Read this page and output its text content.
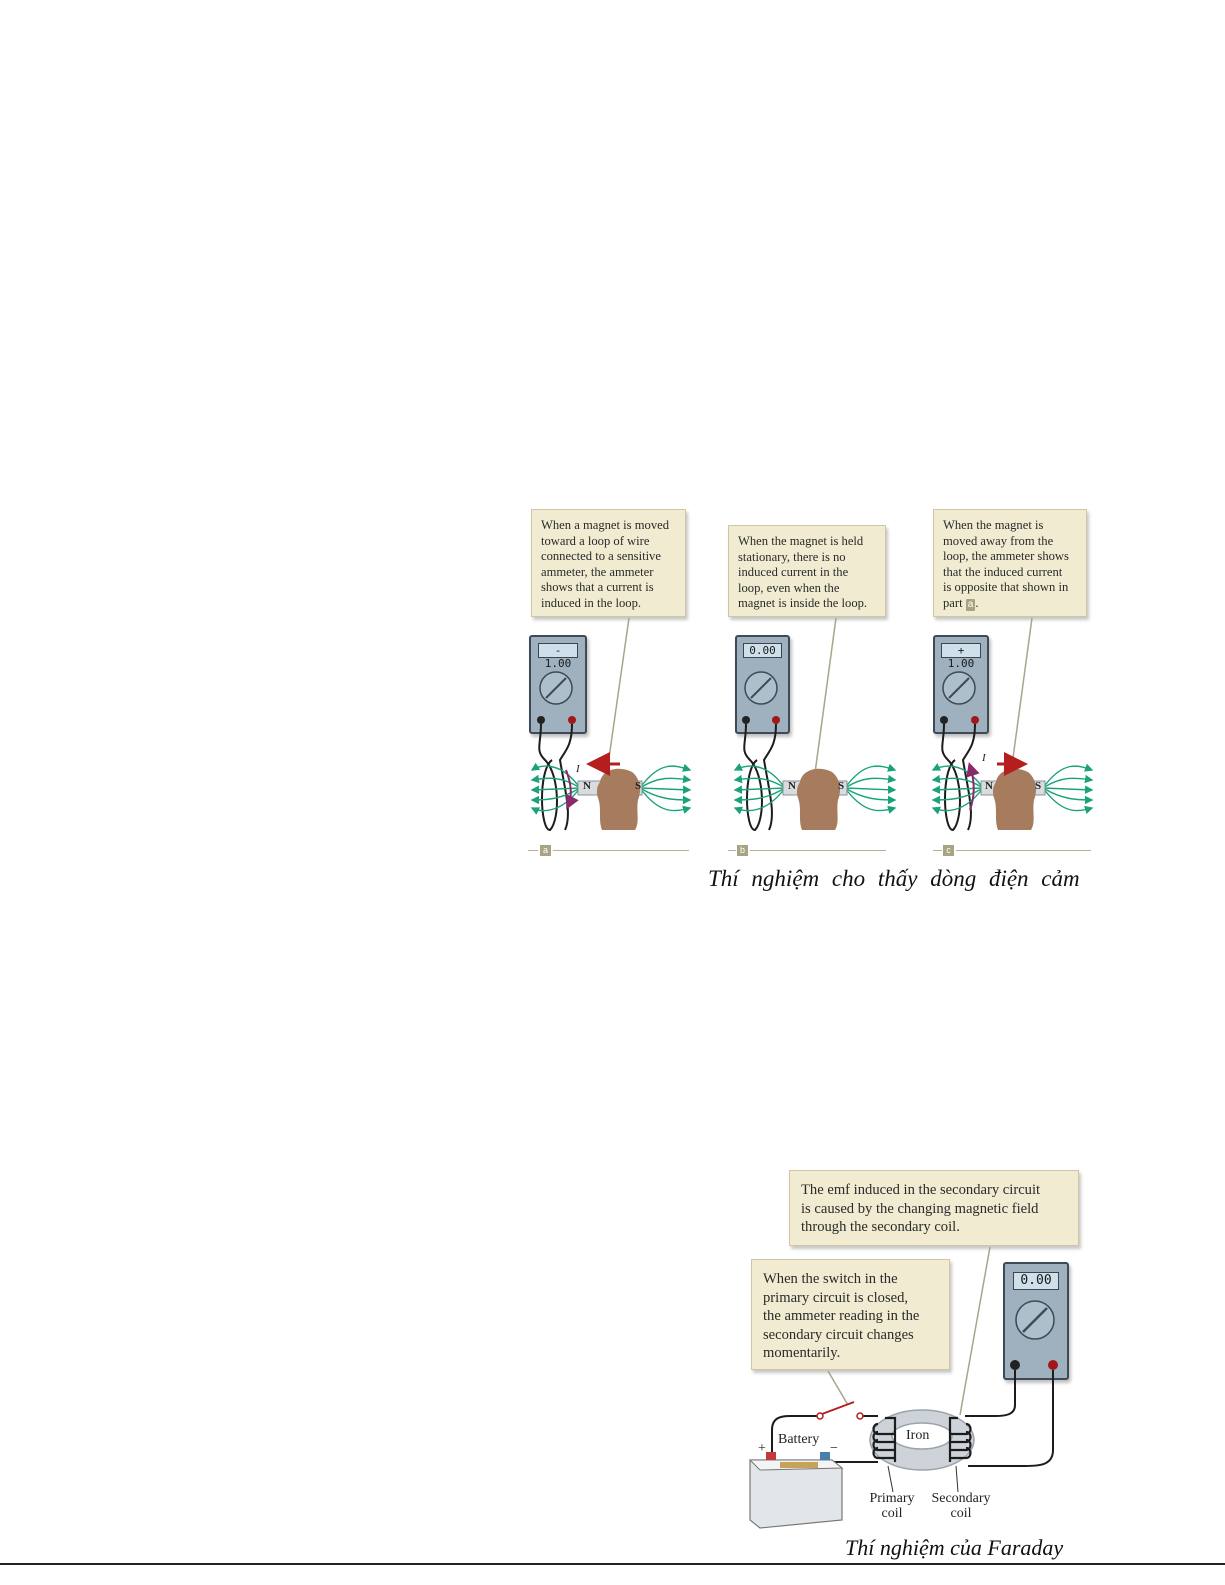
When a magnet is moved
toward a loop of wire
connected to a sensitive
ammeter, the ammeter
shows that a current is
induced in the loop.
When the magnet is held
stationary, there is no
induced current in the
loop, even when the
magnet is inside the loop.
When the magnet is
moved away from the
loop, the ammeter shows
that the induced current
is opposite that shown in
part a .
- 1.00
0.00	+ 1.00
N	S	N	S	N	S
I
I
a	b	c
Thí nghiệm cho thấy dòng điện cảm
The emf induced in the secondary circuit
is caused by the changing magnetic field
through the secondary coil.
When the switch in the
primary circuit is closed,
the ammeter reading in the
secondary circuit changes
momentarily.
0.00
Battery
+	−
Iron
Primary coil
Secondary coil
Thí nghiệm của Faraday
